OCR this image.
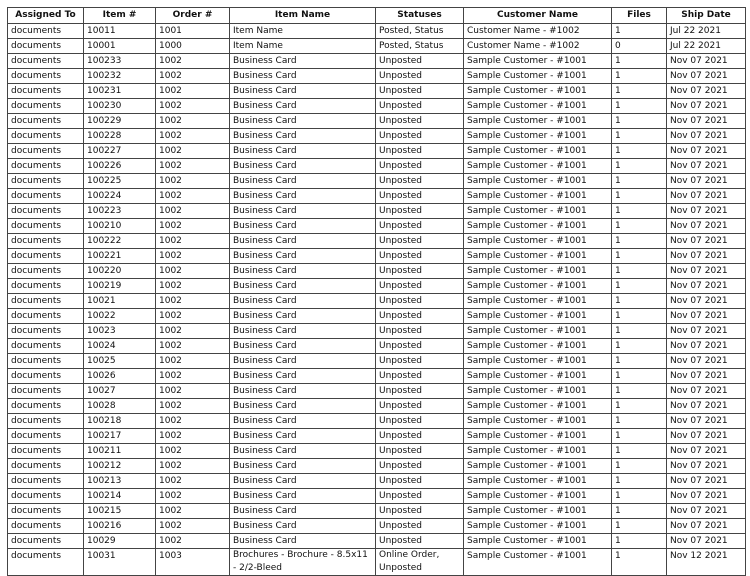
Assigned To	Item #	Order #	Item Name	Statuses	Customer Name	Files	Ship Date
documents	10011	1001	Item Name	Posted, Status	Customer Name - #1002	1	Jul 22 2021
documents	10001	1000	Item Name	Posted, Status	Customer Name - #1002	0	Jul 22 2021
documents	100233	1002	Business Card	Unposted	Sample Customer - #1001	1	Nov 07 2021
documents	100232	1002	Business Card	Unposted	Sample Customer - #1001	1	Nov 07 2021
documents	100231	1002	Business Card	Unposted	Sample Customer - #1001	1	Nov 07 2021
documents	100230	1002	Business Card	Unposted	Sample Customer - #1001	1	Nov 07 2021
documents	100229	1002	Business Card	Unposted	Sample Customer - #1001	1	Nov 07 2021
documents	100228	1002	Business Card	Unposted	Sample Customer - #1001	1	Nov 07 2021
documents	100227	1002	Business Card	Unposted	Sample Customer - #1001	1	Nov 07 2021
documents	100226	1002	Business Card	Unposted	Sample Customer - #1001	1	Nov 07 2021
documents	100225	1002	Business Card	Unposted	Sample Customer - #1001	1	Nov 07 2021
documents	100224	1002	Business Card	Unposted	Sample Customer - #1001	1	Nov 07 2021
documents	100223	1002	Business Card	Unposted	Sample Customer - #1001	1	Nov 07 2021
documents	100210	1002	Business Card	Unposted	Sample Customer - #1001	1	Nov 07 2021
documents	100222	1002	Business Card	Unposted	Sample Customer - #1001	1	Nov 07 2021
documents	100221	1002	Business Card	Unposted	Sample Customer - #1001	1	Nov 07 2021
documents	100220	1002	Business Card	Unposted	Sample Customer - #1001	1	Nov 07 2021
documents	100219	1002	Business Card	Unposted	Sample Customer - #1001	1	Nov 07 2021
documents	10021	1002	Business Card	Unposted	Sample Customer - #1001	1	Nov 07 2021
documents	10022	1002	Business Card	Unposted	Sample Customer - #1001	1	Nov 07 2021
documents	10023	1002	Business Card	Unposted	Sample Customer - #1001	1	Nov 07 2021
documents	10024	1002	Business Card	Unposted	Sample Customer - #1001	1	Nov 07 2021
documents	10025	1002	Business Card	Unposted	Sample Customer - #1001	1	Nov 07 2021
documents	10026	1002	Business Card	Unposted	Sample Customer - #1001	1	Nov 07 2021
documents	10027	1002	Business Card	Unposted	Sample Customer - #1001	1	Nov 07 2021
documents	10028	1002	Business Card	Unposted	Sample Customer - #1001	1	Nov 07 2021
documents	100218	1002	Business Card	Unposted	Sample Customer - #1001	1	Nov 07 2021
documents	100217	1002	Business Card	Unposted	Sample Customer - #1001	1	Nov 07 2021
documents	100211	1002	Business Card	Unposted	Sample Customer - #1001	1	Nov 07 2021
documents	100212	1002	Business Card	Unposted	Sample Customer - #1001	1	Nov 07 2021
documents	100213	1002	Business Card	Unposted	Sample Customer - #1001	1	Nov 07 2021
documents	100214	1002	Business Card	Unposted	Sample Customer - #1001	1	Nov 07 2021
documents	100215	1002	Business Card	Unposted	Sample Customer - #1001	1	Nov 07 2021
documents	100216	1002	Business Card	Unposted	Sample Customer - #1001	1	Nov 07 2021
documents	10029	1002	Business Card	Unposted	Sample Customer - #1001	1	Nov 07 2021
documents	10031	1003	Brochures - Brochure - 8.5x11 - 2/2-Bleed	Online Order, Unposted	Sample Customer - #1001	1	Nov 12 2021
